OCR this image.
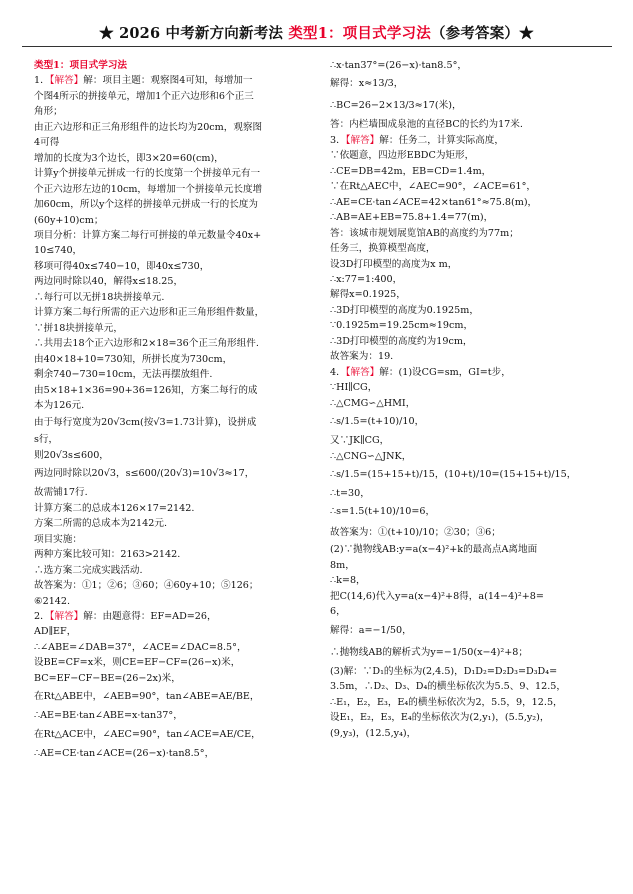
★ 2026 中考新方向新考法 类型1：项目式学习法（参考答案）★
类型1：项目式学习法
1．【解答】解：项目主题：观察图4可知，每增加一
个图4所示的拼接单元，增加1个正六边形和6个正三
角形；
由正六边形和正三角形组件的边长均为20cm，观察图
4可得
增加的长度为3个边长，即3×20=60(cm)，
计算y个拼接单元拼成一行的长度第一个拼接单元有一
个正六边形左边的10cm，每增加一个拼接单元长度增
加60cm，所以y个这样的拼接单元拼成一行的长度为
(60y+10)cm；
项目分析：计算方案二每行可拼接的单元数量令40x+
10≤740，
移项可得40x≤740−10，即40x≤730，
两边同时除以40，解得x≤18.25，
∴每行可以无拼18块拼接单元.
计算方案二每行所需的正六边形和正三角形组件数量，
∵拼18块拼接单元，
∴共用去18个正六边形和2×18=36个正三角形组件.
由40×18+10=730知，所拼长度为730cm，
剩余740−730=10cm，无法再摆放组件.
由5×18+1×36=90+36=126知，方案二每行的成
本为126元.
由于每行宽度为20√3cm(按√3=1.73计算)，设拼成
s行，
则20√3s≤600，
两边同时除以20√3，s≤600/(20√3)=10√3≈17，
故需铺17行.
计算方案二的总成本126×17=2142.
方案二所需的总成本为2142元.
项目实施：
两种方案比较可知：2163>2142.
∴选方案二完成实践活动.
故答案为：①1；②6；③60；④60y+10；⑤126；
⑥2142.
2．【解答】解：由题意得：EF=AD=26，
AD∥EF，
∴∠ABE=∠DAB=37°，∠ACE=∠DAC=8.5°，
设BE=CF=x米，则CE=EF−CF=(26−x)米，
BC=EF−CF−BE=(26−2x)米，
在Rt△ABE中，∠AEB=90°，tan∠ABE=AE/BE，
∴AE=BE·tan∠ABE=x·tan37°，
在Rt△ACE中，∠AEC=90°，tan∠ACE=AE/CE，
∴AE=CE·tan∠ACE=(26−x)·tan8.5°，
∴x·tan37°=(26−x)·tan8.5°，
解得：x≈13/3，
∴BC=26−2×13/3≈17(米)，
答：内栏墙围成泉池的直径BC的长约为17米.
3．【解答】解：任务二，计算实际高度，
∵依题意，四边形EBDC为矩形，
∴CE=DB=42m，EB=CD=1.4m，
∵在Rt△AEC中，∠AEC=90°，∠ACE=61°，
∴AE=CE·tan∠ACE=42×tan61°≈75.8(m)，
∴AB=AE+EB=75.8+1.4=77(m)，
答：该城市规划展览馆AB的高度约为77m；
任务三，换算模型高度，
设3D打印模型的高度为x m，
∴x:77=1:400，
解得x=0.1925，
∴3D打印模型的高度为0.1925m，
∵0.1925m=19.25cm≈19cm，
∴3D打印模型的高度约为19cm，
故答案为：19.
4．【解答】解：(1)设CG=sm，GI=t步，
∵HI∥CG，
∴△CMG∽△HMI，
∴s/1.5=(t+10)/10，
又∵JK∥CG，
∴△CNG∽△JNK，
∴s/1.5=(15+15+t)/15，(10+t)/10=(15+15+t)/15，
∴t=30，
∴s=1.5(t+10)/10=6，
故答案为：①(t+10)/10；②30；③6；
(2)∵抛物线AB:y=a(x−4)²+k的最高点A离地面
8m，
∴k=8，
把C(14,6)代入y=a(x−4)²+8得，a(14−4)²+8=
6，
解得：a=−1/50，
∴抛物线AB的解析式为y=−1/50(x−4)²+8；
(3)解：∵D₁的坐标为(2,4.5)，D₁D₂=D₂D₃=D₃D₄=
3.5m，∴D₂、D₃、D₄的横坐标依次为5.5、9、12.5，
∴E₁，E₂，E₃，E₄的横坐标依次为2，5.5，9，12.5，
设E₁，E₂，E₃，E₄的坐标依次为(2,y₁)，(5.5,y₂)，
(9,y₃)，(12.5,y₄)，
